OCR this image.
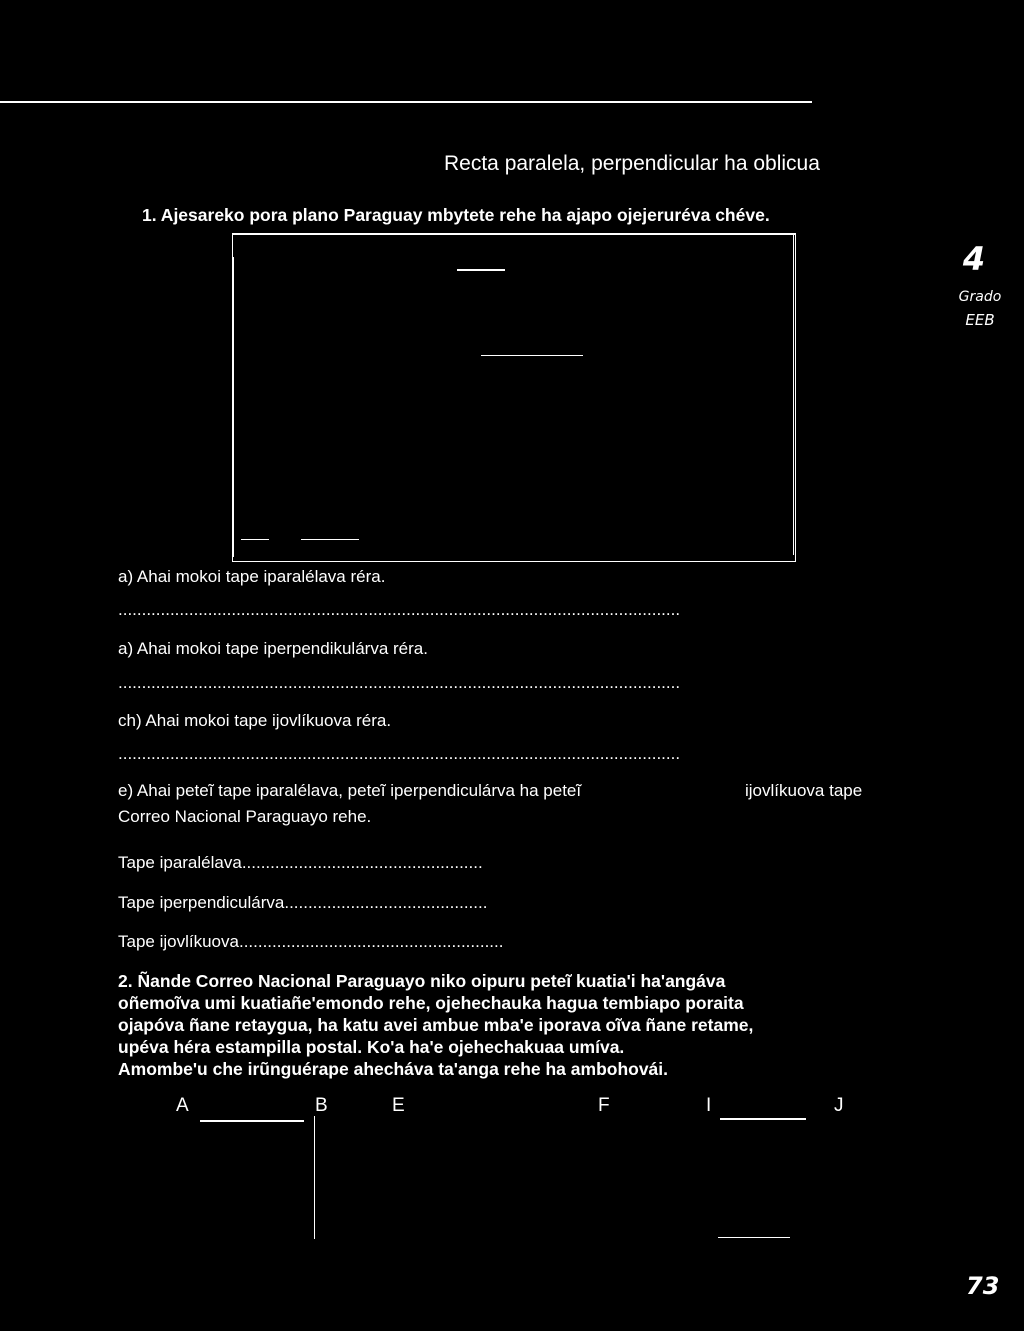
Recta paralela, perpendicular ha oblicua
4
Grado
EEB
1. Ajesareko pora plano Paraguay mbytete rehe ha ajapo ojejeruréva chéve.
a) Ahai mokoi tape iparalélava réra.
.......................................................................................................................
a) Ahai mokoi tape iperpendikulárva réra.
.......................................................................................................................
ch) Ahai mokoi tape ijovlíkuova réra.
.......................................................................................................................
e) Ahai peteĩ tape iparalélava, peteĩ iperpendiculárva ha peteĩ	ijovlíkuova tape
Correo Nacional Paraguayo rehe.
Tape iparalélava...................................................
Tape iperpendiculárva...........................................
Tape ijovlíkuova........................................................
2. Ñande Correo Nacional Paraguayo niko oipuru peteĩ kuatia'i ha'angáva
oñemoĩva umi kuatiañe'emondo rehe, ojehechauka hagua tembiapo poraita
ojapóva ñane retaygua, ha katu avei ambue mba'e iporava oĩva ñane retame,
upéva héra estampilla postal. Ko'a ha'e ojehechakuaa umíva.
Amombe'u che irũnguérape ahecháva ta'anga rehe ha ambohovái.
A	B	E	F	I	J
73
